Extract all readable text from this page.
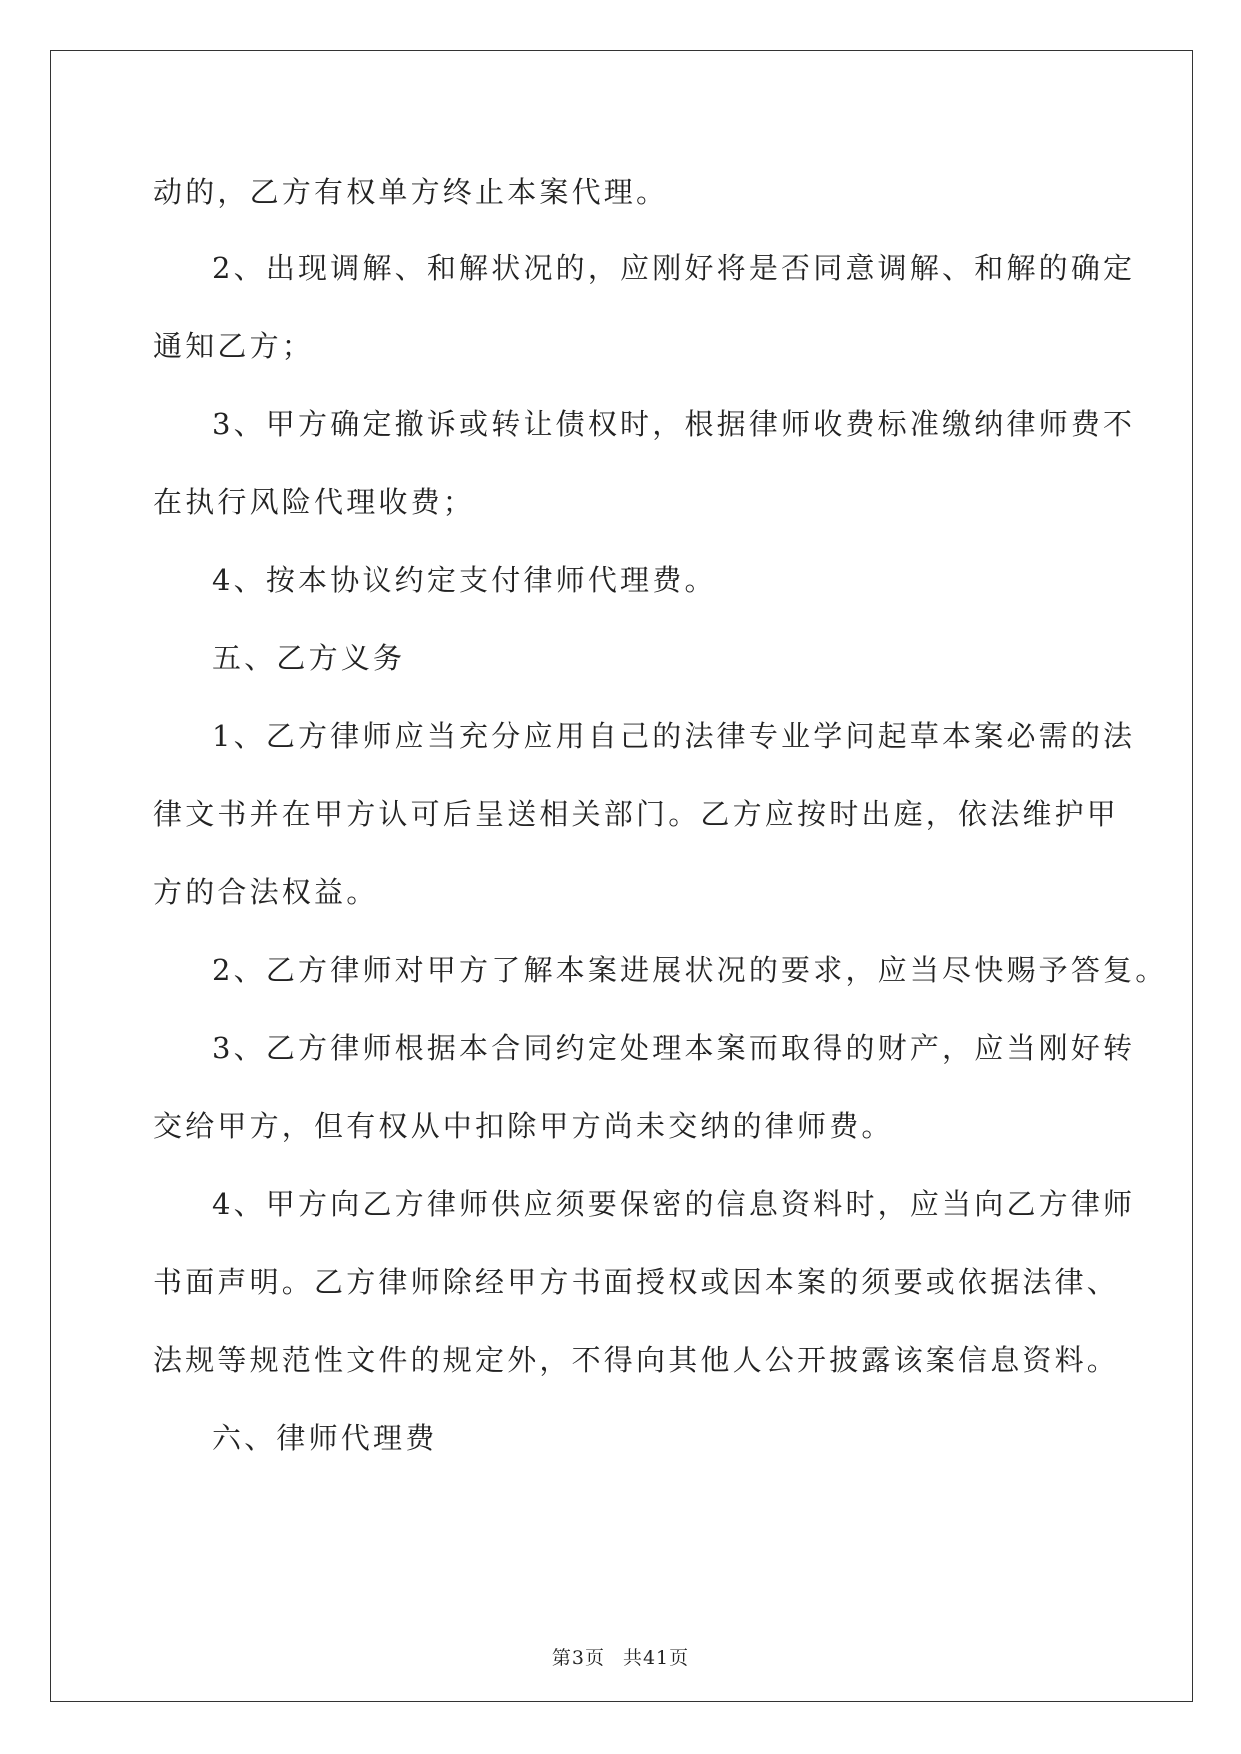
动的，乙方有权单方终止本案代理。
2、出现调解、和解状况的，应刚好将是否同意调解、和解的确定
通知乙方；
3、甲方确定撤诉或转让债权时，根据律师收费标准缴纳律师费不
在执行风险代理收费；
4、按本协议约定支付律师代理费。
五、乙方义务
1、乙方律师应当充分应用自己的法律专业学问起草本案必需的法
律文书并在甲方认可后呈送相关部门。乙方应按时出庭，依法维护甲
方的合法权益。
2、乙方律师对甲方了解本案进展状况的要求，应当尽快赐予答复。
3、乙方律师根据本合同约定处理本案而取得的财产，应当刚好转
交给甲方，但有权从中扣除甲方尚未交纳的律师费。
4、甲方向乙方律师供应须要保密的信息资料时，应当向乙方律师
书面声明。乙方律师除经甲方书面授权或因本案的须要或依据法律、
法规等规范性文件的规定外，不得向其他人公开披露该案信息资料。
六、律师代理费
第3页 共41页
